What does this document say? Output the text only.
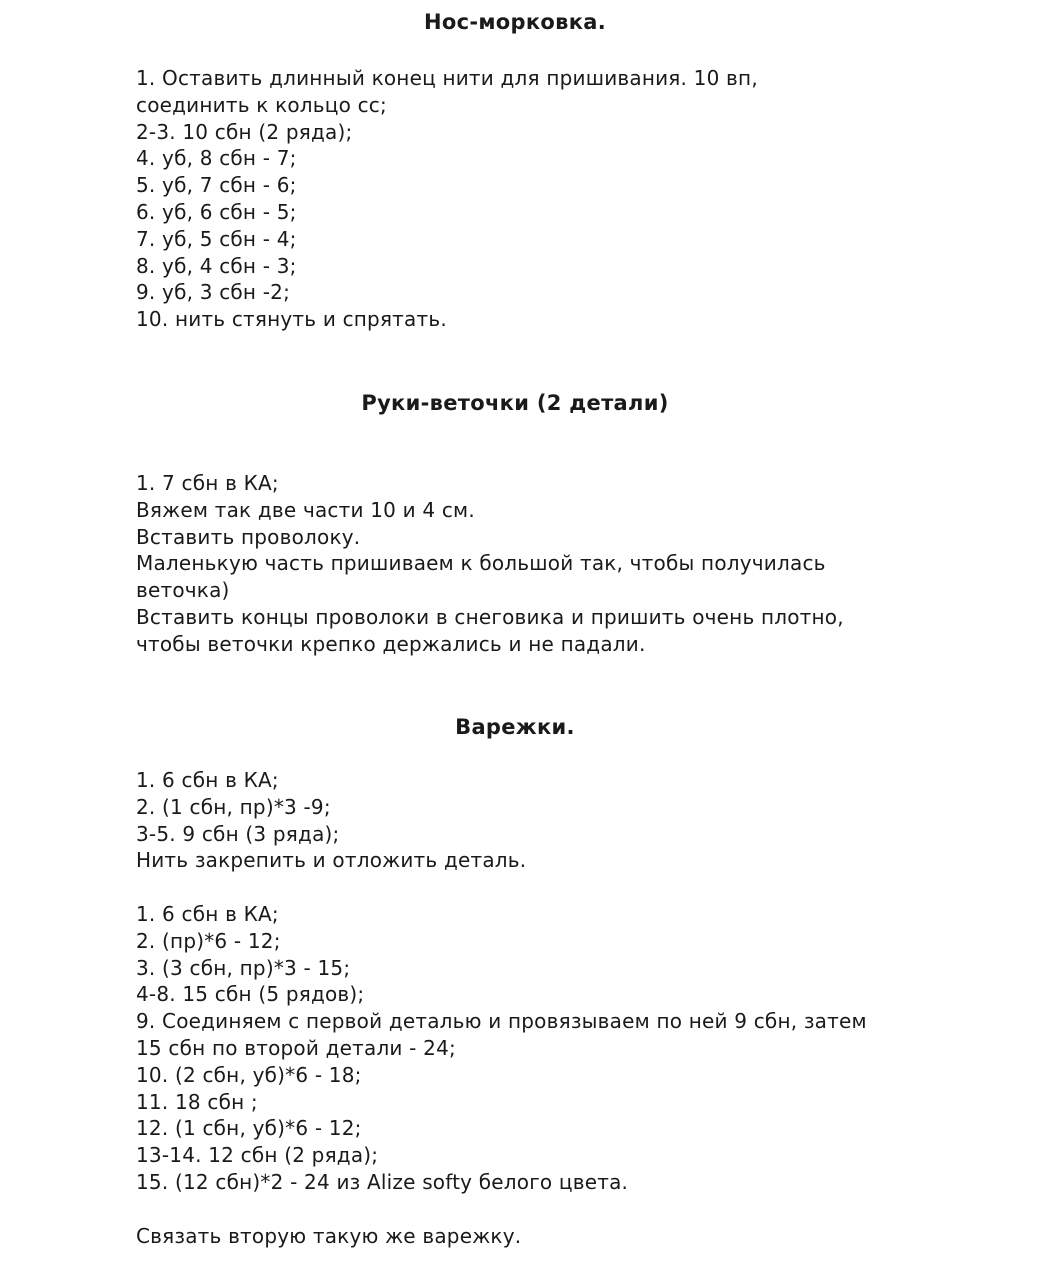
Нос-морковка.
1. Оставить длинный конец нити для пришивания. 10 вп,
соединить к кольцо сс;
2-3. 10 сбн (2 ряда);
4. уб, 8 сбн - 7;
5. уб, 7 сбн - 6;
6. уб, 6 сбн - 5;
7. уб, 5 сбн - 4;
8. уб, 4 сбн - 3;
9. уб, 3 сбн -2;
10. нить стянуть и спрятать.
Руки-веточки (2 детали)
1. 7 сбн в КА;
Вяжем так две части 10 и 4 см.
Вставить проволоку.
Маленькую часть пришиваем к большой так, чтобы получилась
веточка)
Вставить концы проволоки в снеговика и пришить очень плотно,
чтобы веточки крепко держались и не падали.
Варежки.
1. 6 сбн в КА;
2. (1 сбн, пр)*3 -9;
3-5. 9 сбн (3 ряда);
Нить закрепить и отложить деталь.
1. 6 сбн в КА;
2. (пр)*6 - 12;
3. (3 сбн, пр)*3 - 15;
4-8. 15 сбн (5 рядов);
9. Соединяем с первой деталью и провязываем по ней 9 сбн, затем
15 сбн по второй детали - 24;
10. (2 сбн, уб)*6 - 18;
11. 18 сбн ;
12. (1 сбн, уб)*6 - 12;
13-14. 12 сбн (2 ряда);
15. (12 сбн)*2 - 24 из Alize softy белого цвета.
Связать вторую такую же варежку.
